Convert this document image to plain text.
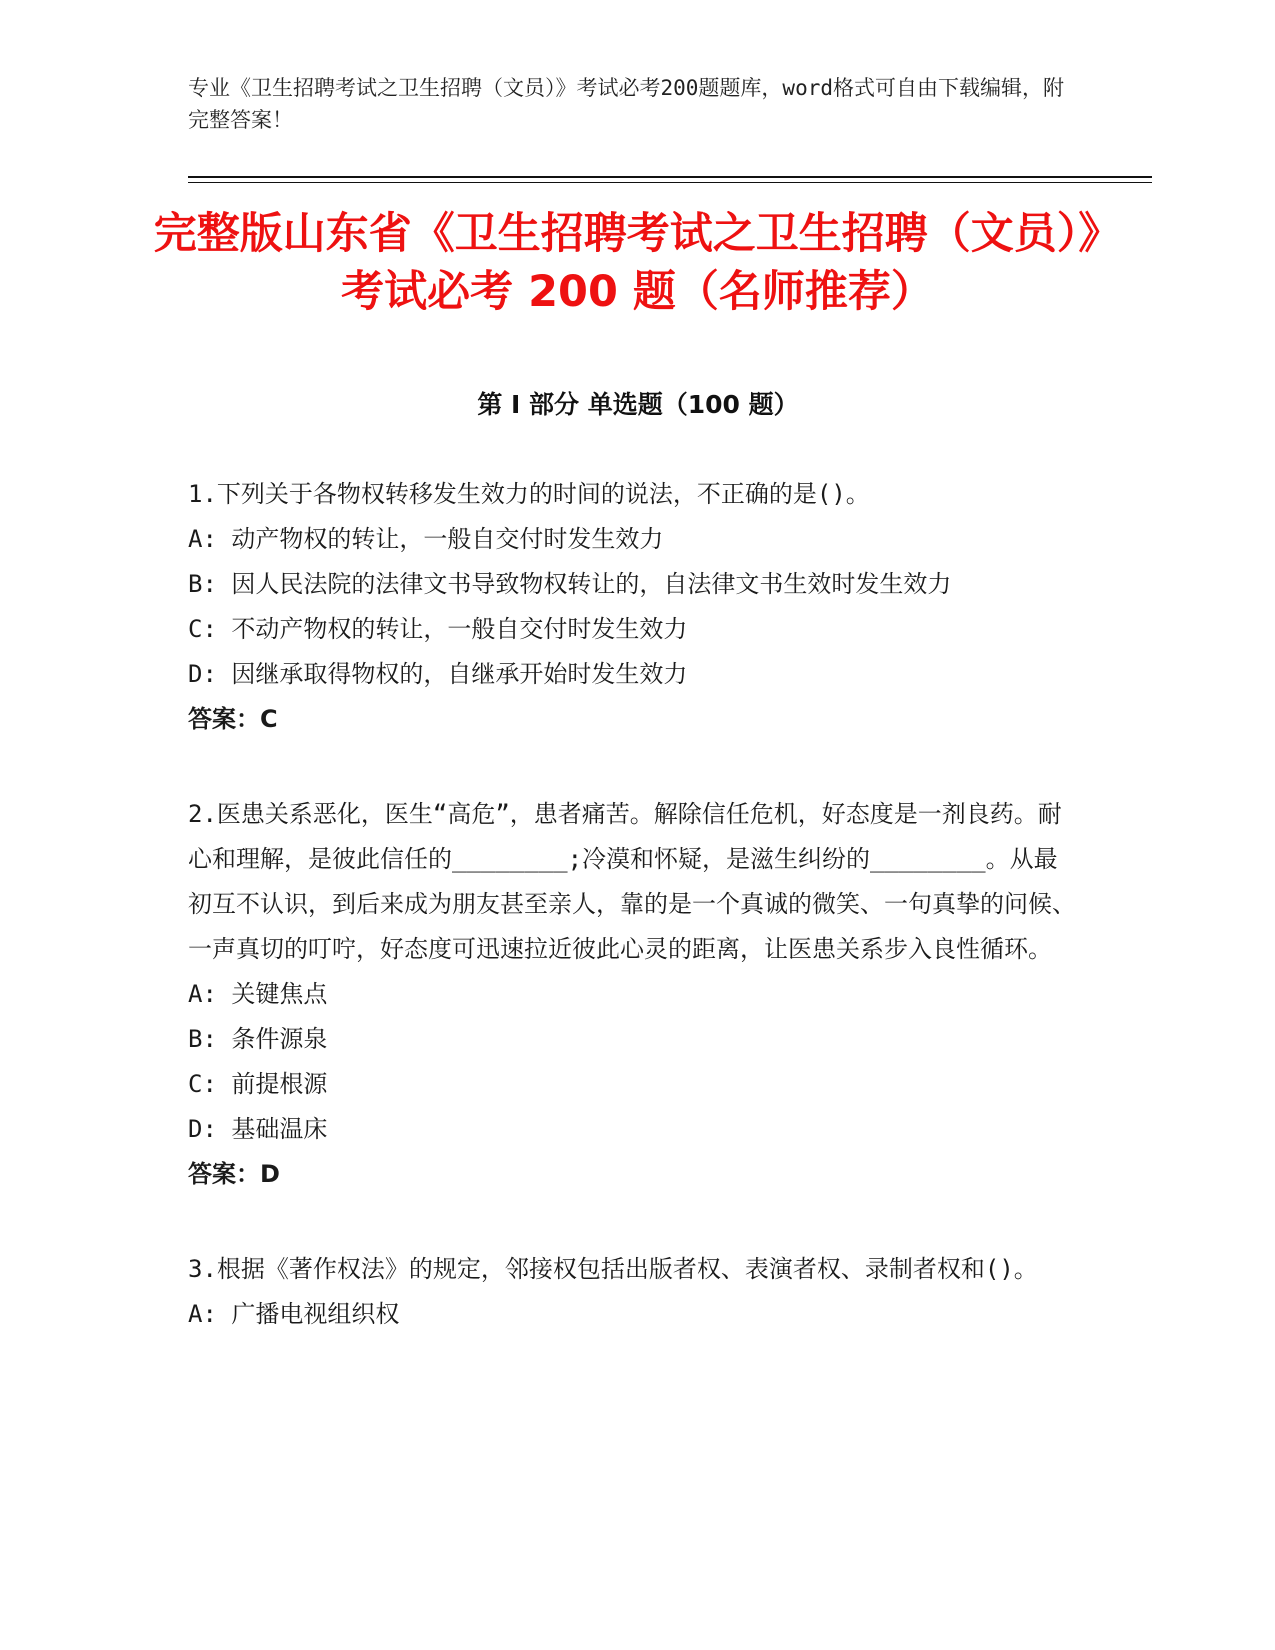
专业《卫生招聘考试之卫生招聘（文员）》考试必考200题题库，word格式可自由下载编辑，附完整答案！
完整版山东省《卫生招聘考试之卫生招聘（文员）》考试必考 200 题（名师推荐）
第 I 部分 单选题（100 题）

1.下列关于各物权转移发生效力的时间的说法，不正确的是()。

A: 动产物权的转让，一般自交付时发生效力

B: 因人民法院的法律文书导致物权转让的，自法律文书生效时发生效力

C: 不动产物权的转让，一般自交付时发生效力

D: 因继承取得物权的，自继承开始时发生效力

答案：C

2.医患关系恶化，医生“高危”，患者痛苦。解除信任危机，好态度是一剂良药。耐心和理解，是彼此信任的________;冷漠和怀疑，是滋生纠纷的________。从最初互不认识，到后来成为朋友甚至亲人，靠的是一个真诚的微笑、一句真挚的问候、一声真切的叮咛，好态度可迅速拉近彼此心灵的距离，让医患关系步入良性循环。

A: 关键焦点

B: 条件源泉

C: 前提根源

D: 基础温床

答案：D

3.根据《著作权法》的规定，邻接权包括出版者权、表演者权、录制者权和()。

A: 广播电视组织权
